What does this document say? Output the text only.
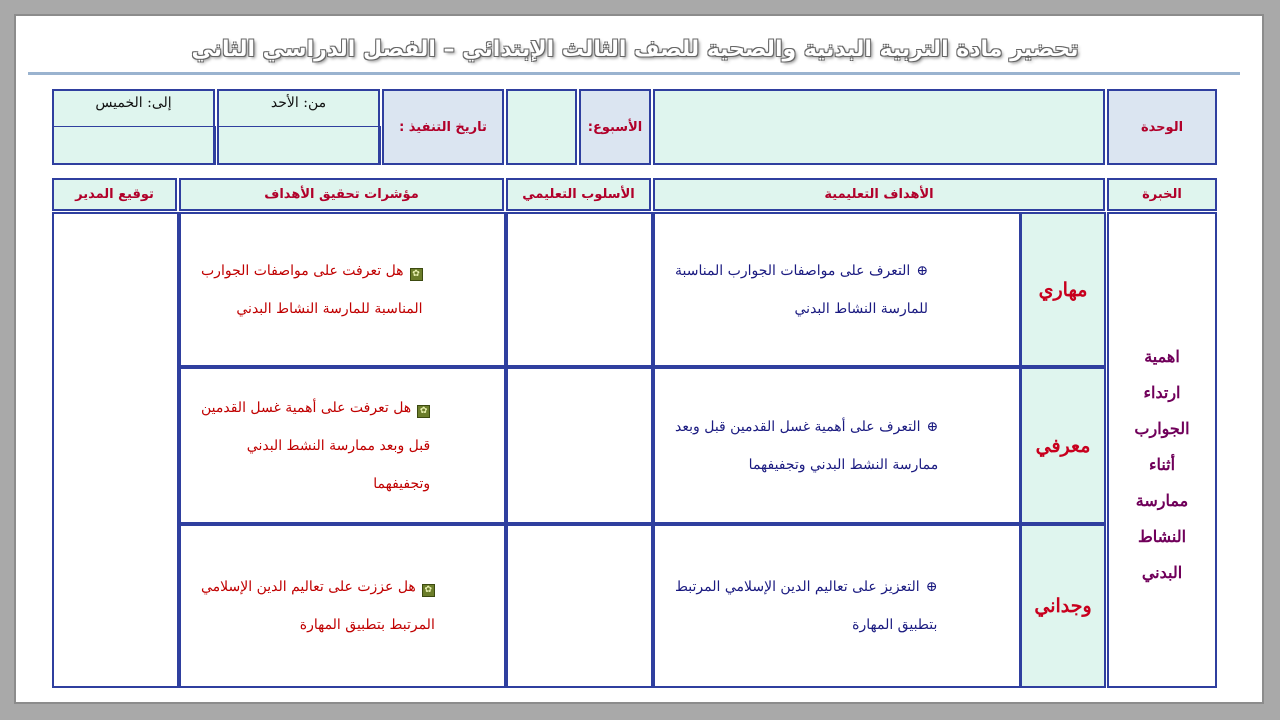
تحضير مادة التربية البدنية والصحية للصف الثالث الإبتدائي – الفصل الدراسي الثاني
الوحدة
الأسبوع:
تاريخ التنفيذ :
من: الأحد
إلى: الخميس
الخبرة
الأهداف التعليمية
الأسلوب التعليمي
مؤشرات تحقيق الأهداف
توقيع المدير
اهمية
ارتداء
الجوارب
أثناء
ممارسة
النشاط
البدني
مهاري
معرفي
وجداني
⊕التعرف على مواصفات الجوارب المناسبة
للمارسة النشاط البدني
⊕التعرف على أهمية غسل القدمين قبل وبعد
ممارسة النشط البدني وتجفيفهما
⊕التعزيز على تعاليم الدين الإسلامي المرتبط
بتطبيق المهارة
✿هل تعرفت على مواصفات الجوارب
المناسبة للمارسة النشاط البدني
✿هل تعرفت على أهمية غسل القدمين
قبل وبعد ممارسة النشط البدني
وتجفيفهما
✿هل عززت على تعاليم الدين الإسلامي
المرتبط بتطبيق المهارة
